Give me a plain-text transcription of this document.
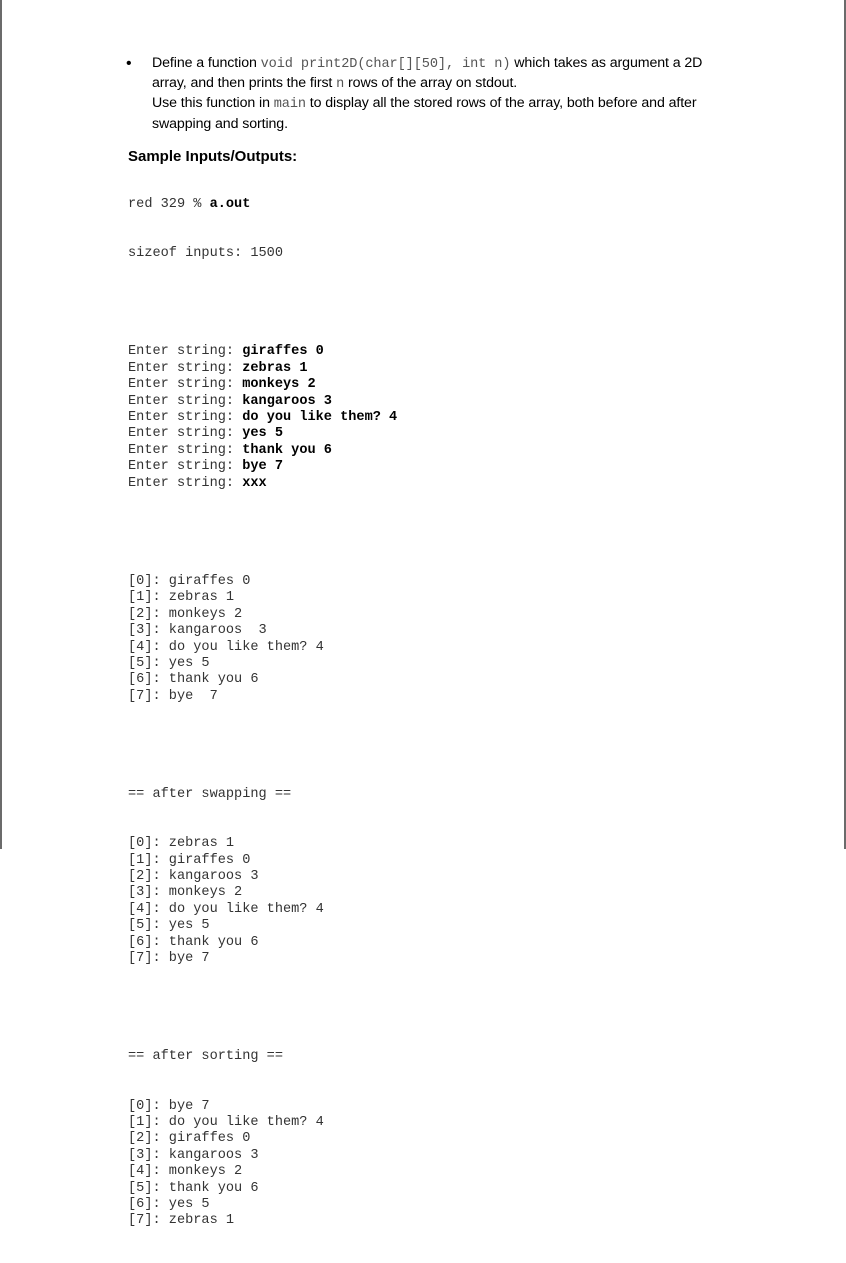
• Define a function void print2D(char[][50], int n) which takes as argument a 2D
array, and then prints the first n rows of the array on stdout.
Use this function in main to display all the stored rows of the array, both before and after
swapping and sorting.
Sample Inputs/Outputs:

red 329 % a.out

sizeof inputs: 1500

Enter string: giraffes 0
Enter string: zebras 1
Enter string: monkeys 2
Enter string: kangaroos 3
Enter string: do you like them? 4
Enter string: yes 5
Enter string: thank you 6
Enter string: bye 7
Enter string: xxx

[0]: giraffes 0
[1]: zebras 1
[2]: monkeys 2
[3]: kangaroos  3
[4]: do you like them? 4
[5]: yes 5
[6]: thank you 6
[7]: bye  7

== after swapping ==

[0]: zebras 1
[1]: giraffes 0
[2]: kangaroos 3
[3]: monkeys 2
[4]: do you like them? 4
[5]: yes 5
[6]: thank you 6
[7]: bye 7

== after sorting ==

[0]: bye 7
[1]: do you like them? 4
[2]: giraffes 0
[3]: kangaroos 3
[4]: monkeys 2
[5]: thank you 6
[6]: yes 5
[7]: zebras 1
